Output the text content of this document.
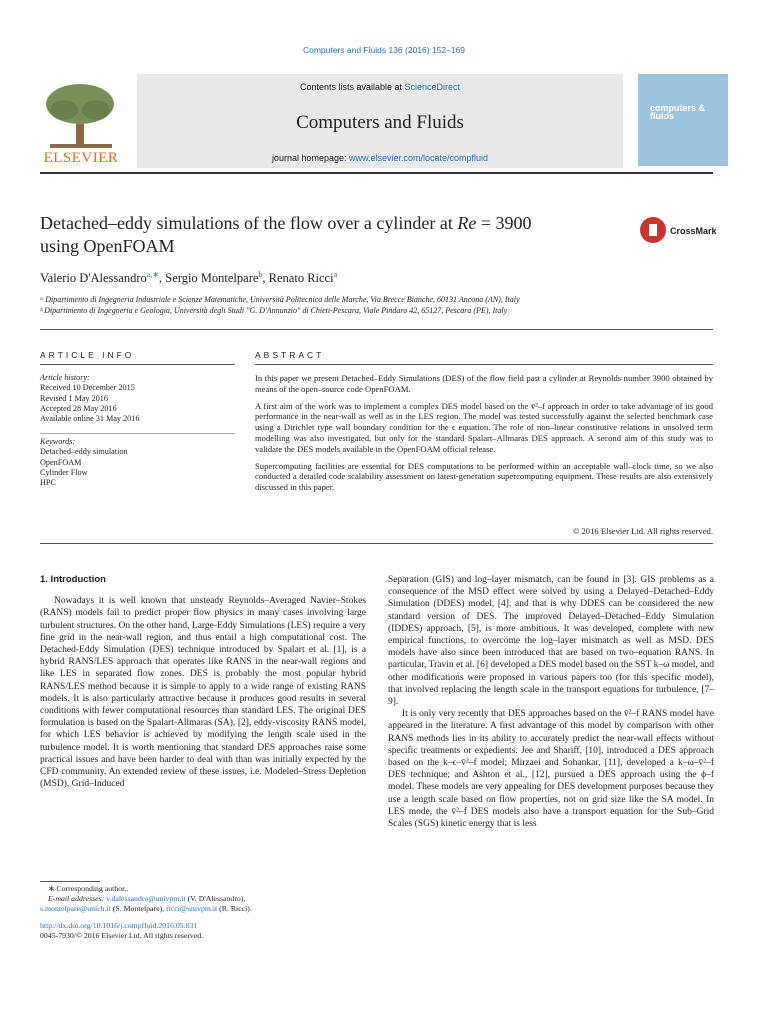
Computers and Fluids 136 (2016) 152–169
ELSEVIER
Contents lists available at ScienceDirect
Computers and Fluids
journal homepage: www.elsevier.com/locate/compfluid
computers & fluids
Detached–eddy simulations of the flow over a cylinder at Re = 3900
using OpenFOAM
CrossMark
Valerio D'Alessandro$^{a,∗}$, Sergio Montelpare$^b$, Renato Ricci$^a$
ᵃ Dipartimento di Ingegneria Industriale e Scienze Matematiche, Università Politecnica delle Marche, Via Brecce Bianche, 60131 Ancona (AN), Italy
ᵇ Dipartimento di Ingegneria e Geologia, Università degli Studi "G. D'Annunzio" di Chieti-Pescara, Viale Pindaro 42, 65127, Pescara (PE), Italy
ARTICLE INFO
Article history:
Received 10 December 2015
Revised 1 May 2016
Accepted 28 May 2016
Available online 31 May 2016
Keywords:
Detached–eddy simulation
OpenFOAM
Cylinder Flow
HPC
ABSTRACT

In this paper we present Detached–Eddy Simulations (DES) of the flow field past a cylinder at Reynolds number 3900 obtained by means of the open–source code OpenFOAM.

A first aim of the work was to implement a complex DES model based on the v̄²–f approach in order to take advantage of its good performance in the near-wall as well as in the LES region. The model was tested successfully against the selected benchmark case using a Dirichlet type wall boundary condition for the ϵ equation. The role of non–linear constitutive relations in unsolved term modelling was also investigated, but only for the standard Spalart–Allmaras DES approach. A second aim of this study was to validate the DES models available in the OpenFOAM official release.

Supercomputing facilities are essential for DES computations to be performed within an acceptable wall–clock time, so we also conducted a detailed code scalability assessment on latest-generation supercomputing equipment. These results are also extensively discussed in this paper.

© 2016 Elsevier Ltd. All rights reserved.
1. Introduction

Nowadays it is well known that unsteady Reynolds–Averaged Navier–Stokes (RANS) models fail to predict proper flow physics in many cases involving large turbulent structures. On the other hand, Large-Eddy Simulations (LES) require a very fine grid in the near-wall region, and thus entail a high computational cost. The Detached-Eddy Simulation (DES) technique introduced by Spalart et al. [1], is a hybrid RANS/LES approach that operates like RANS in the near-wall regions and like LES in separated flow zones. DES is probably the most popular hybrid RANS/LES method because it is simple to apply to a wide range of existing RANS models. It is also particularly attractive because it produces good results in several conditions with fewer computational resources than standard LES. The original DES formulation is based on the Spalart-Allmaras (SA), [2], eddy-viscosity RANS model, for which LES behavior is achieved by modifying the length scale used in the turbulence model. It is worth mentioning that standard DES approaches raise some practical issues and have been harder to deal with than was initially expected by the CFD community. An extended review of these issues, i.e. Modeled–Stress Depletion (MSD), Grid–Induced

Separation (GIS) and log–layer mismatch, can be found in [3]. GIS problems as a consequence of the MSD effect were solved by using a Delayed–Detached–Eddy Simulation (DDES) model, [4], and that is why DDES can be considered the new standard version of DES. The improved Delayed–Detached–Eddy Simulation (IDDES) approach, [5], is more ambitious. It was developed, complete with new empirical functions, to overcome the log–layer mismatch as well as MSD. DES models have also since been introduced that are based on two–equation RANS. In particular, Travin et al. [6] developed a DES model based on the SST k–ω model, and other modifications were proposed in various papers too (for this specific model), that involved replacing the length scale in the transport equations for turbulence, [7–9].

It is only very recently that DES approaches based on the v̄²–f RANS model have appeared in the literature. A first advantage of this model by comparison with other RANS methods lies in its ability to accurately predict the near-wall effects without specific treatments or expedients. Jee and Shariff, [10], introduced a DES approach based on the k–ϵ–v̄²–f model; Mirzaei and Sohankar, [11], developed a k–ω–v̄²–f DES technique; and Ashton et al., [12], pursued a DES approach using the ϕ–f model. These models are very appealing for DES development purposes because they use a length scale based on flow properties, not on grid size like the SA model. In LES mode, the v̄²–f DES models also have a transport equation for the Sub–Grid Scales (SGS) kinetic energy that is less

∗ Corresponding author..
E-mail addresses: v.dalessandro@univpm.it (V. D'Alessandro),
s.montelpare@unich.it (S. Montelpare), ricci@univpm.it (R. Ricci).
http://dx.doi.org/10.1016/j.compfluid.2016.05.031
0045-7930/© 2016 Elsevier Ltd. All rights reserved.
